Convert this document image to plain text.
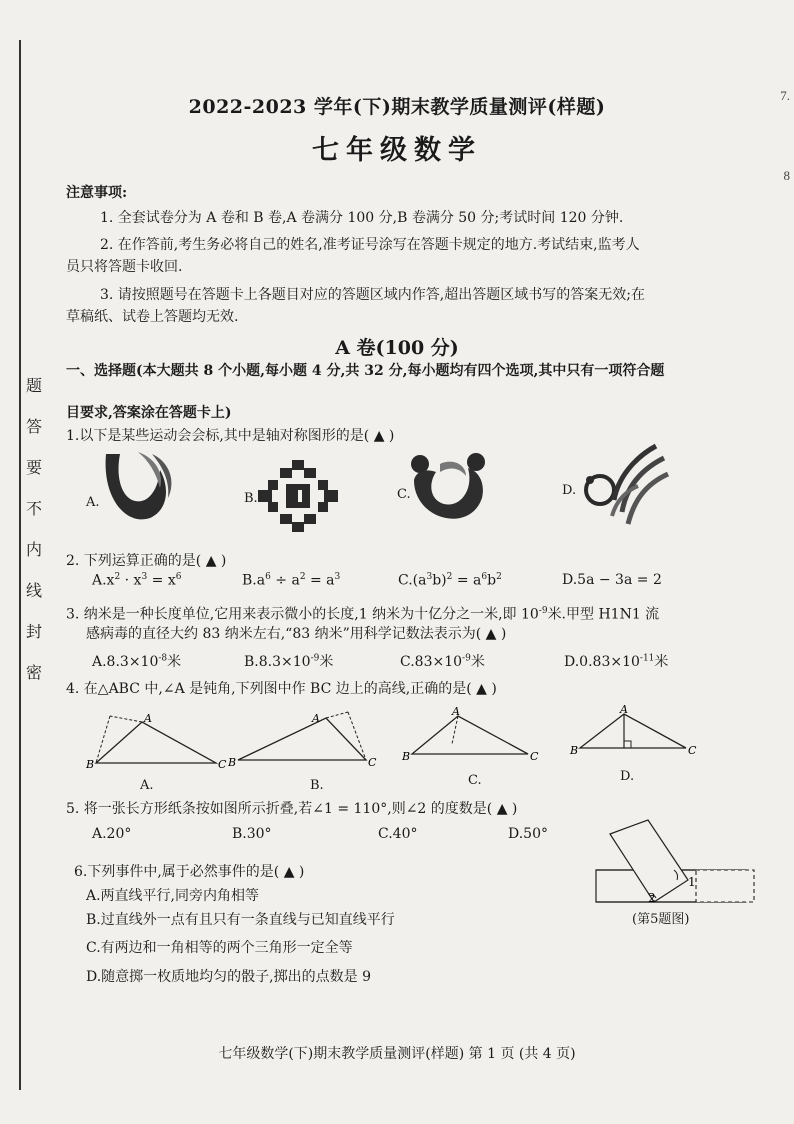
题
答
要
不
内
线
封
密
7.
8
2022-2023 学年(下)期末教学质量测评(样题)
七年级数学
注意事项:
1. 全套试卷分为 A 卷和 B 卷,A 卷满分 100 分,B 卷满分 50 分;考试时间 120 分钟.
2. 在作答前,考生务必将自己的姓名,准考证号涂写在答题卡规定的地方.考试结束,监考人
员只将答题卡收回.
3. 请按照题号在答题卡上各题目对应的答题区域内作答,超出答题区域书写的答案无效;在
草稿纸、试卷上答题均无效.
A 卷(100 分)
一、选择题(本大题共 8 个小题,每小题 4 分,共 32 分,每小题均有四个选项,其中只有一项符合题
目要求,答案涂在答题卡上)
1.以下是某些运动会会标,其中是轴对称图形的是( ▲ )
A.	B.	C.	D.
2. 下列运算正确的是( ▲ )
$A.x^2 \cdot x^3 = x^6$	$B.a^6 \div a^2 = a^3$	$C.(a^3b)^2 = a^6b^2$	D.5a − 3a = 2
3. 纳米是一种长度单位,它用来表示微小的长度,1 纳米为十亿分之一米,即 $10^{-9}$米.甲型 H1N1 流
感病毒的直径大约 83 纳米左右,“83 纳米”用科学记数法表示为( ▲ )
$A.8.3\times 10^{-8}$米	$B.8.3\times 10^{-9}$米	$C.83\times 10^{-9}$米	$D.0.83\times 10^{-11}$米
4. 在△ABC 中,∠A 是钝角,下列图中作 BC 边上的高线,正确的是( ▲ )
A
B	C
A.
A
B	C
B.
A
B	C
C.
A
B	C
D.
5. 将一张长方形纸条按如图所示折叠,若∠1 = 110°,则∠2 的度数是( ▲ )
A.20°	B.30°	C.40°	D.50°
1
2
(第5题图)
6.下列事件中,属于必然事件的是( ▲ )
A.两直线平行,同旁内角相等
B.过直线外一点有且只有一条直线与已知直线平行
C.有两边和一角相等的两个三角形一定全等
D.随意掷一枚质地均匀的骰子,掷出的点数是 9
七年级数学(下)期末教学质量测评(样题) 第 1 页 (共 4 页)
